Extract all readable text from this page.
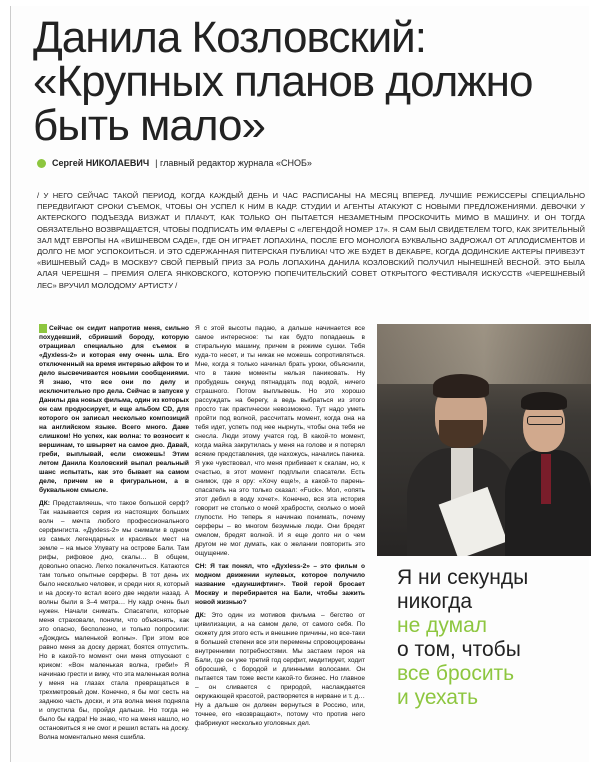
Данила Козловский:
«Крупных планов должно
быть мало»
Сергей НИКОЛАЕВИЧ | главный редактор журнала «СНОБ»
/ У НЕГО СЕЙЧАС ТАКОЙ ПЕРИОД, КОГДА КАЖДЫЙ ДЕНЬ И ЧАС РАСПИСАНЫ НА МЕСЯЦ ВПЕРЕД. ЛУЧШИЕ РЕЖИССЕРЫ СПЕЦИАЛЬНО ПЕРЕДВИГАЮТ СРОКИ СЪЕМОК, ЧТОБЫ ОН УСПЕЛ К НИМ В КАДР. СТУДИИ И АГЕНТЫ АТАКУЮТ С НОВЫМИ ПРЕДЛОЖЕНИЯМИ. ДЕВОЧКИ У АКТЕРСКОГО ПОДЪЕЗДА ВИЗЖАТ И ПЛАЧУТ, КАК ТОЛЬКО ОН ПЫТАЕТСЯ НЕЗАМЕТНЫМ ПРОСКОЧИТЬ МИМО В МАШИНУ. И ОН ТОГДА ОБЯЗАТЕЛЬНО ВОЗВРАЩАЕТСЯ, ЧТОБЫ ПОДПИСАТЬ ИМ ФЛАЕРЫ С «ЛЕГЕНДОЙ НОМЕР 17». Я САМ БЫЛ СВИДЕТЕЛЕМ ТОГО, КАК ЗРИТЕЛЬНЫЙ ЗАЛ МДТ ЕВРОПЫ НА «ВИШНЕВОМ САДЕ», ГДЕ ОН ИГРАЕТ ЛОПАХИНА, ПОСЛЕ ЕГО МОНОЛОГА БУКВАЛЬНО ЗАДРОЖАЛ ОТ АПЛОДИСМЕНТОВ И ДОЛГО НЕ МОГ УСПОКОИТЬСЯ. И ЭТО СДЕРЖАННАЯ ПИТЕРСКАЯ ПУБЛИКА! ЧТО ЖЕ БУДЕТ В ДЕКАБРЕ, КОГДА ДОДИНСКИЕ АКТЕРЫ ПРИВЕЗУТ «ВИШНЕВЫЙ САД» В МОСКВУ? СВОЙ ПЕРВЫЙ ПРИЗ ЗА РОЛЬ ЛОПАХИНА ДАНИЛА КОЗЛОВСКИЙ ПОЛУЧИЛ НЫНЕШНЕЙ ВЕСНОЙ. ЭТО БЫЛА АЛАЯ ЧЕРЕШНЯ – ПРЕМИЯ ОЛЕГА ЯНКОВСКОГО, КОТОРУЮ ПОПЕЧИТЕЛЬСКИЙ СОВЕТ ОТКРЫТОГО ФЕСТИВАЛЯ ИСКУССТВ «ЧЕРЕШНЕВЫЙ ЛЕС» ВРУЧИЛ МОЛОДОМУ АРТИСТУ /

Сейчас он сидит напротив меня, сильно похудевший, сбривший бороду, которую отращивал специально для съемок в «Духless-2» и которая ему очень шла. Его отключенный на время интервью айфон то и дело высвечивается новыми сообщениями. Я знаю, что все они по делу и исключительно про дела. Сейчас в запуске у Данилы два новых фильма, один из которых он сам продюсирует, и еще альбом CD, для которого он записал несколько композиций на английском языке. Всего много. Даже слишком! Но успех, как волна: то возносит к вершинам, то швыряет на самое дно. Давай, греби, выплывай, если сможешь! Этим летом Данила Козловский выпал реальный шанс испытать, как это бывает на самом деле, причем не в фигуральном, а в буквальном смысле.

ДК: Представляешь, что такое большой серф? Так называется серия из настоящих больших волн – мечта любого профессионального серфингиста. «Духless-2» мы снимали в одном из самых легендарных и красивых мест на земле – на мысе Улувату на острове Бали. Там рифы, рифовое дно, скалы… В общем, довольно опасно. Легко покалечиться. Катаются там только опытные серферы. В тот день их было несколько человек, и среди них я, который и на доску-то встал всего две недели назад. А волны были в 3–4 метра… Ну кадр очень был нужен. Начали снимать. Спасатели, которые меня страховали, поняли, что объяснять, как это опасно, бесполезно, и только попросили: «Дождись маленькой волны». При этом все равно меня за доску держат, боятся отпустить. Но в какой-то момент они меня отпускают с криком: «Вон маленькая волна, греби!» Я начинаю грести и вижу, что эта маленькая волна у меня на глазах стала превращаться в трехметровый дом. Конечно, я бы мог сесть на заднюю часть доски, и эта волна меня подняла и опустила бы, пройдя дальше. Но тогда не было бы кадра! Не знаю, что на меня нашло, но остановиться я не смог и решил встать на доску. Волна моментально меня сшибла.

Я с этой высоты падаю, а дальше начинается все самое интересное: ты как будто попадаешь в стиральную машину, причем в режиме сушки. Тебя куда-то несет, и ты никак не можешь сопротивляться. Мне, когда я только начинал брать уроки, объяснили, что в такие моменты нельзя паниковать. Ну пробудешь секунд пятнадцать под водой, ничего страшного. Потом выплывешь. Но это хорошо рассуждать на берегу, а ведь выбраться из этого просто так практически невозможно. Тут надо уметь пройти под волной, рассчитать момент, когда она на тебя идет, успеть под нее нырнуть, чтобы она тебя не снесла. Люди этому учатся год. В какой-то момент, когда майка закрутилась у меня на голове и я потерял всякие представления, где нахожусь, начались паника. Я уже чувствовал, что меня прибивает к скалам, но, к счастью, в этот момент подплыли спасатели. Есть снимок, где я ору: «Хочу еще!», а какой-то парень-спасатель на это только сказал: «Fuck». Мол, «опять этот дебил в воду хочет». Конечно, вся эта история говорит не столько о моей храбрости, сколько о моей глупости. Но теперь я начинаю понимать, почему серферы – во многом безумные люди. Они бредят смелом, бредят волной. И я еще долго ни о чем другом не мог думать, как о желании повторить это ощущение.

СН: Я так понял, что «Духless-2» – это фильм о модном движении нулевых, которое получило название «дауншифтинг». Твой герой бросает Москву и перебирается на Бали, чтобы зажить новой жизнью?

ДК: Это один из мотивов фильма – бегство от цивилизации, а на самом деле, от самого себя. По сюжету для этого есть и внешние причины, но все-таки в большей степени все эти перемены спровоцированы внутренними потребностями. Мы застаем героя на Бали, где он уже третий год серфит, медитирует, ходит обросший, с бородой и длинными волосами. Он пытается там тоже вести какой-то бизнес. Но главное – он сливается с природой, наслаждается окружающей красотой, растворяется в нирване и т. д… Ну а дальше он должен вернуться в Россию, или, точнее, его «возвращают», потому что против него фабрикуют несколько уголовных дел.

Я ни секунды
никогда
не думал
о том, чтобы
все бросить
и уехать
